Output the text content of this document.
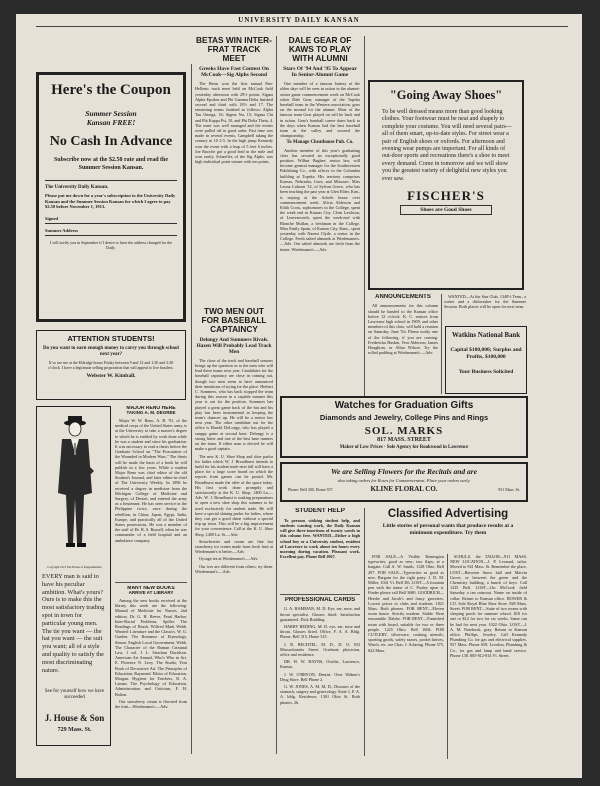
UNIVERSITY DAILY KANSAN
Here's the Coupon
Summer Session
Kansan FREE!
No Cash In Advance
Subscribe now at the $2.50 rate and read the Summer Session Kansan.
The University Daily Kansan.
Please put me down for a year's subscription to the University Daily Kansan and the Summer Session Kansan for which I agree to pay $2.50 before November 1, 1913.
Signed
Summer Address
I will notify you in September if I desire to have the address changed for the Daily.
ATTENTION STUDENTS!
Do you want to earn enough money to carry you through school next year?
If so see me at the Eldridge house Friday between 9 and 12 and 1:30 and 3:30 o'clock. I have a legitimate selling proposition that will appeal to live hustlers.
Webster W. Kimball.
Copyright 1913 The House of Kuppenheimer
EVERY man is said to have his peculiar ambition. What's yours? Ours is to make this the most satisfactory trading spot in town for particular young men. The tie you want — the hat you want — the suit you want; all of a style and quality to satisfy the most discriminating nature.
See for yourself how we have succeeded
J. House & Son
729 Mass. St.
MAJOR RENO HERE
TAKING A. M. DEGREE

Major W. W. Reno, A. B. '91, of the medical corps of the United States army, is at the University to take a master's degree to which he is entitled by work done while he was a student and since his graduation. It was necessary to read a thesis before the Graduate School on "The Evacuation of the Wounded in Modern Wars." The thesis will be made the basis of a book he will publish in a few years. While a student Major Reno was chief editor of the old Student's Journal, and later editor-in-chief of The University Weekly. In 1896 he received a degree in medicine from the Michigan College of Medicine and Surgery, of Detroit, and entered the army as a lieutenant. He has seen service in the Philippine twice, once during the rebellion, in China, Japan, Egypt, India, Europe, and practically all of the United States possessions. He was a member of the staff of Dr. R. S. Russell, when he was commander of a field hospital and an ambulance company.

MANY NEW BOOKS
ARRIVE AT LIBRARY

Among the new books received at the library this week are the following: Manual of Medicine for Nurses, 2nd edition. Dr. G. H. Reeve, Pearl Harbor. Inter-Racial Problems. Spiller. The Readings of Brush. Wilfred Mark Webb. Wanted: Literature and the Classics. W. G. Garden. The Romance of Etymology, Simon. English Local Government, Webb. The Character of the Roman Criminal Law, 1 vol. J. L. Strachan Davidson. American Art Annual, Who's Who in Art. E. Florence N. Levy. The Studio, Year Book of Decorative Art. The Principles of Education, Raymond. Ethics of Education, Morgan. Hygiene for Teachers, R. A. Lyman. The Psychology of Education, Administration and Criticism, F. H. Bolton.

Our strawberry cream is flavored from the fruit—Wiedemann's.—Adv.

BETAS WIN INTER-FRAT TRACK MEET
Greeks Have Fast Contest On McCook—Sig Alphs Second

The Betas won the first annual Pan-Hellenic track meet held on McCook field yesterday afternoon with 29½ points. Sigma Alpha Epsilon and Phi Gamma Delta finished second and third with 18½ and 17. The remaining teams finished as follows: Alpha Tau Omega, 16; Sigma Nu, 15; Sigma Chi and Phi Kappa Psi, 10, and Phi Delta Theta, 4. The meet was well managed and the events were pulled off in good order. Fast time was made in several events, Campbell taking the century in 10 2-5. In the high jump Kennedy won the event with a leap of 5 feet 6 inches. Joe Knoche got a good lead in the mile and won easily. Schaeffer, of the Sig Alphs, was high individual point winner with ten points.

TWO MEN OUT FOR BASEBALL CAPTAINCY
Delongy And Summers Rivals. Hazen Will Probably Lead Track Men

The close of the track and baseball seasons brings up the question as to the men who will lead these teams next year. Candidates for the baseball captaincy are close in coming out, though two men seem to have announced their intentions of trying for the place. Herbert C. Sommers, who has back stopped the team during this season in a capable manner this year is out for the position. Sommers has played a great game back of the bat and his play has been instrumental in keeping the team's chances up. He will be a senior law next year. The other candidate out for the office is Harold DeLongy, who has played a snappy game at second base. Delongy is a strong hitter and one of the best base runners on the team. If either man is elected he will make a good captain.

The new K. U. Shoe Shop and shoe parlor for ladies which W. J. Broadhurst intends to build for his student trade next fall will have a place for a large score board on which the reports from games can be posted. Mr. Broadhurst made the offer of the space today. His first work done promptly and satisfactorily at the K. U. Shop, 1400 La.—Adv. W. J. Broadhurst is making preparations to open a new shoe shop this summer to be used exclusively for student trade. He will have a special shining parlor for ladies, where they can get a good shine without a special trip up town. This will be a big improvement for your convenience. Call at the K. U. Shoe Shop, 1400 La. St.—Adv.

Strawberries and cream are fine but strawberry ice cream made from fresh fruit at Wiedemann's is better.—Adv.

Oysage tea at Wiedemann's.—Adv.

Our ices are different from others, try them. Wiedemann's.—Adv.

DALE GEAR OF KAWS TO PLAY WITH ALUMNI
Stars Of '94 And '95 To Appear In Senior-Alumni Game

One member of a famous battery of the olden days will be seen in action in the alumni-senior game commencement week on McCook when Dale Gear, manager of the Topeka baseball team in the Western association, goes on the mound for the alumni. Most of the famous team Gear played on will be back and in action. Gear's baseball career dates back to the days when Kansas had the best baseball team in the valley and secured the championship.

To Manage Cheathouse Pub. Co.

Another member of this year's graduating class has secured an exceptionally good position. Wilbur Bagbee, senior law, will become general manager for the Southwestern Publishing Co., with offices in the Columbia building at Topeka. His territory comprises Kansas, Nebraska, Iowa, and Missouri. Miss Leona Cahoon '12, of Sylvan Grove, who has been teaching the past year at Glen Elder, Kan., is staying at the Acheth house over commencement week. Alicia Alderson and Edith Cross, sophomores in the College, spent the week end in Kansas City. Clem Lawhorn, of Leavenworth, spent the week-end with Blanche Mullan, a freshman in the College. Miss Emily Spain, of Kansas City, Kans., spent yesterday with Naomi Clyde, a senior in the College. Fresh salted almonds at Wiedemann's.—Adv. Our salted almonds are fresh from the tinner. Wiedemann's.—Adv.

"Going Away Shoes"
To be well dressed means more than good looking clothes. Your footwear must be neat and shapely to complete your costume. You will need several pairs—all of them smart, up-to-date styles. For street wear a pair of English shoes or oxfords. For afternoon and evening wear pumps are important. For all kinds of out-door sports and recreations there's a shoe to meet every demand. Come in tomorrow and we will show you the greatest variety of delightful new styles you ever saw.
FISCHER'S
Shoes are Good Shoes
ANNOUNCEMENTS

All announcements for this column should be handed to the Kansan office before 12 o'clock. K. C. seniors from Lawrence high school in 1909, and other members of this class, will hold a reunion on Saturday, June 7th. Please notify one of the following, if you are coming: Fredericka Haskin, Vera Alderson, James Houghton, or Allan Wilson. Try the rolled pudding at Wiedemann's.—Adv.

WANTED—At the Star Club, 1340½ Tenn., a waiter and a dishwasher for the Summer Session. Both places will be open for next term.

Watkins National Bank
Capital $100,000; Surplus and Profits, $100,000
Your Business Solicited
Watches for Graduation Gifts
Diamonds and Jewelry, College Pins and Rings
SOL. MARKS
817 MASS. STREET
Maker of Low Prices · Sole Agency for Rookwood in Lawrence
We are Selling Flowers for the Recitals and are
also taking orders for Roses for Commencement. Place your orders early.
Phone: Bell 300, Home 357.	KLINE FLORAL CO.	931 Mass. St.
STUDENT HELP

To persons wishing student help, and students wanting work, the Daily Kansan will give three insertions of twenty words in this column free. WANTED—Either a high school boy or a University student, resident of Lawrence to work about ten hours every morning during vacation. Pleasant work. Excellent pay. Phone Bell 1067.

PROFESSIONAL CARDS

G. A. HAMMAN, M. D. Eye, ear, nose, and throat specialist. Glasses fitted. Satisfaction guaranteed. Dick Building.

HARRY REDING, M. D. eye, ear, nose and throat. Glasses fitted. Office, F. A. A. Bldg. Phone, Bell 315, Home 315.

J. R. BECHTEL, M. D., D. O. 933 Massachusetts Street. Graduate physician, office and residence.

DR. H. W. HAYNS, Oculist, Lawrence, Kansas.

J. W. O'BRYON, Dentist. Over Widner's Drug Store. Bell Phone 2.

G. W. JONES, A. M. M. D., Diseases of the stomach, surgery and gynecology. Suite 1, F. A. A. bldg. Residence, 1301 Ohio St. Both phones, 26.

Classified Advertising
Little stories of personal wants that produce results at a minimum expenditure. Try them

FOR SALE—A Visible Remington typewriter, good as new; two flaps, at a bargain. Call A. W. Smith, 1128 Ohio. Bell 297. FOR SALE—Typewriter as good as new. Bargain for the right party. J. D. M. Miller, 1041 Vt. Bell 3l6. LOST—A fountain pen with the name of C. Pauley upon it. Finder please call Bell 3680. GOODRICH—Hershe and Jacob's and fancy groceries. Lowest prices to clubs and students. 1021 Mass. Both phones. FOR RENT—Eleven room house. Strictly modern. Stable. Rent reasonable. Dalshe. FOR RENT—Furnished room with board, suitable for two or three people. 1225 Ohio. Bell 1604. FOR CUTLERY, silverware, cooking utensils, sporting goods, safety razors, pocket knives, Watch, etc. see Chas. J. Achning. Phone 575, 822 Mass.

SCHULZ, the TAILOR—911 MASS. NEW LOCATION—J. P. Leonard, tailor. Moved to 941 Mass. St. Remember the place. LOST—Between Snow hall and Marvin Grove, or between the green and the Chemistry building, a bunch of keys. Call 1225 Bell. LOST—On McCook field Saturday a tan raincoat. Name on inside of collar. Return to Kansan office. BOWER & CO. Sole Royal Blue Shoe Store. 828 Mass. Street. FOR RENT—Suite of two rooms with sleeping porch for summer school. $10 for one or $12 for two for six weeks. Same can be had for next year. 1022 Ohio. LOST—J. A. M. Notebook, gray. Return to Kansan office. Phillips, Jewelry. Call Kennedy Plumbing Co. for gas and electrical supplies. 937 Mass. Phone 658. Livedon, Plumbing & Co., for gas and lamp and hand service. Phone 138. 805-812-814 Vt. Street.
